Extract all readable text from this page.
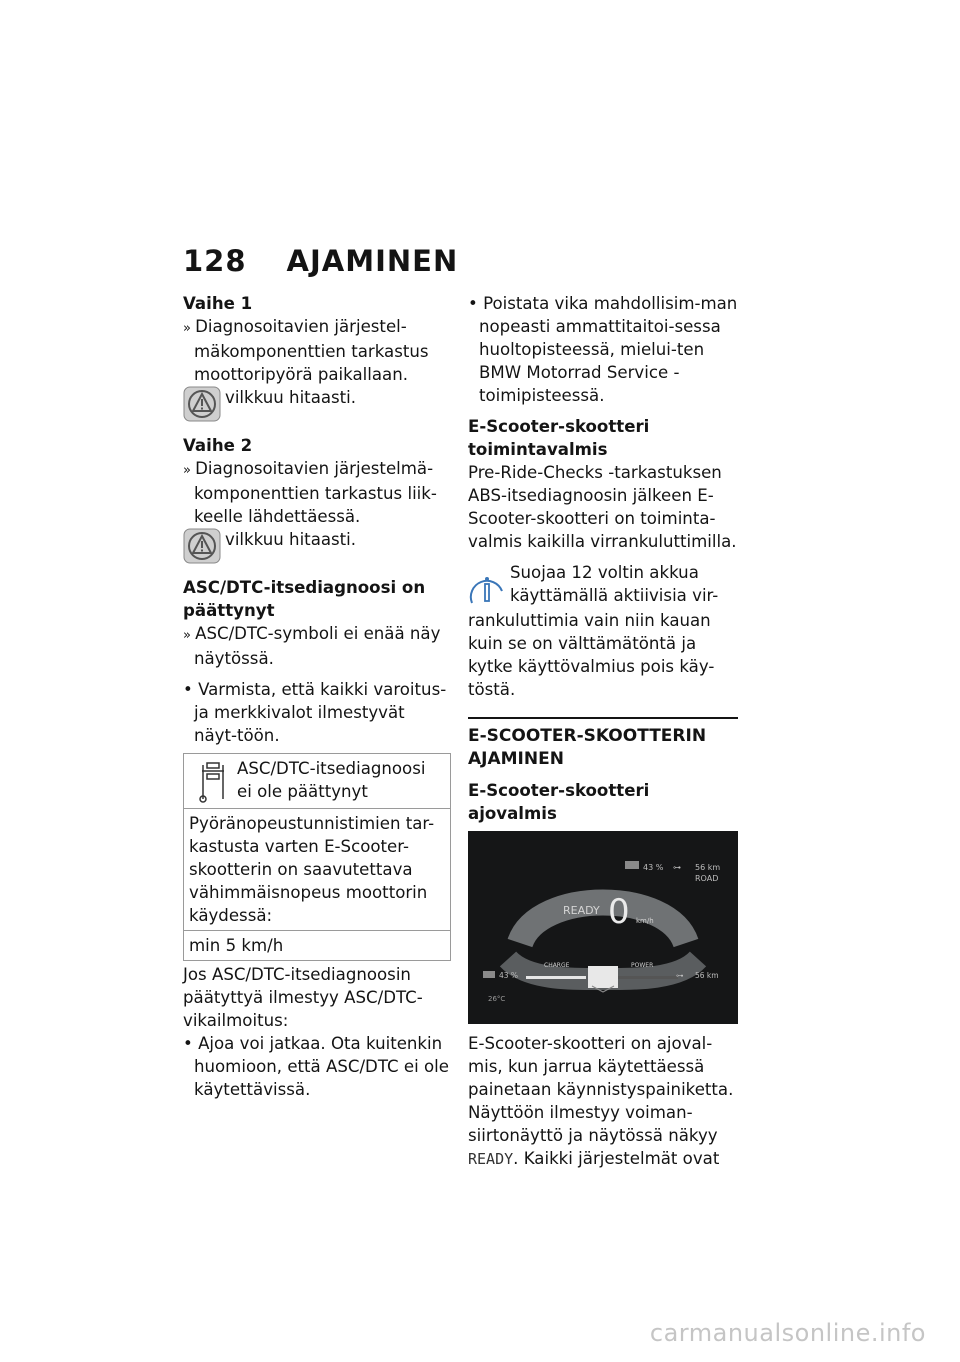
128 AJAMINEN

Vaihe 1

» Diagnosoitavien järjestel-mäkomponenttien tarkastus moottoripyörä paikallaan.
vilkkuu hitaasti.

Vaihe 2

» Diagnosoitavien järjestelmä-komponenttien tarkastus liik-keelle lähdettäessä.
vilkkuu hitaasti.

ASC/DTC-itsediagnoosi on päättynyt

» ASC/DTC-symboli ei enää näy näytössä.
• Varmista, että kaikki varoitus- ja merkkivalot ilmestyvät näyt-töön.
ASC/DTC-itsediagnoosi ei ole päättynyt
Pyöränopeustunnistimien tar-kastusta varten E-Scooter-skootterin on saavutettava vähimmäisnopeus moottorin käydessä:
min 5 km/h
Jos ASC/DTC-itsediagnoosin päätyttyä ilmestyy ASC/DTC-vikailmoitus:
• Ajoa voi jatkaa. Ota kuitenkin huomioon, että ASC/DTC ei ole käytettävissä.
• Poistata vika mahdollisim-man nopeasti ammattitaitoi-sessa huoltopisteessä, mielui-ten BMW Motorrad Service -toimipisteessä.

E-Scooter-skootteri toimintavalmis

Pre-Ride-Checks -tarkastuksen ABS-itsediagnoosin jälkeen E-Scooter-skootteri on toiminta-valmis kaikilla virrankuluttimilla.
Suojaa 12 voltin akkua käyttämällä aktiivisia vir-
rankuluttimia vain niin kauan kuin se on välttämätöntä ja kytke käyttövalmius pois käy-töstä.
E-SCOOTER-SKOOTTERIN AJAMINEN

E-Scooter-skootteri ajovalmis

43 % ⊶ 56 km
ROAD
READY 0 km/h
CHARGE	POWER
43 %	⊶ 56 km
26°C
E-Scooter-skootteri on ajoval-mis, kun jarrua käytettäessä painetaan käynnistyspainiketta. Näyttöön ilmestyy voiman-siirtonäyttö ja näytössä näkyy READY. Kaikki järjestelmät ovat
carmanualsonline.info
